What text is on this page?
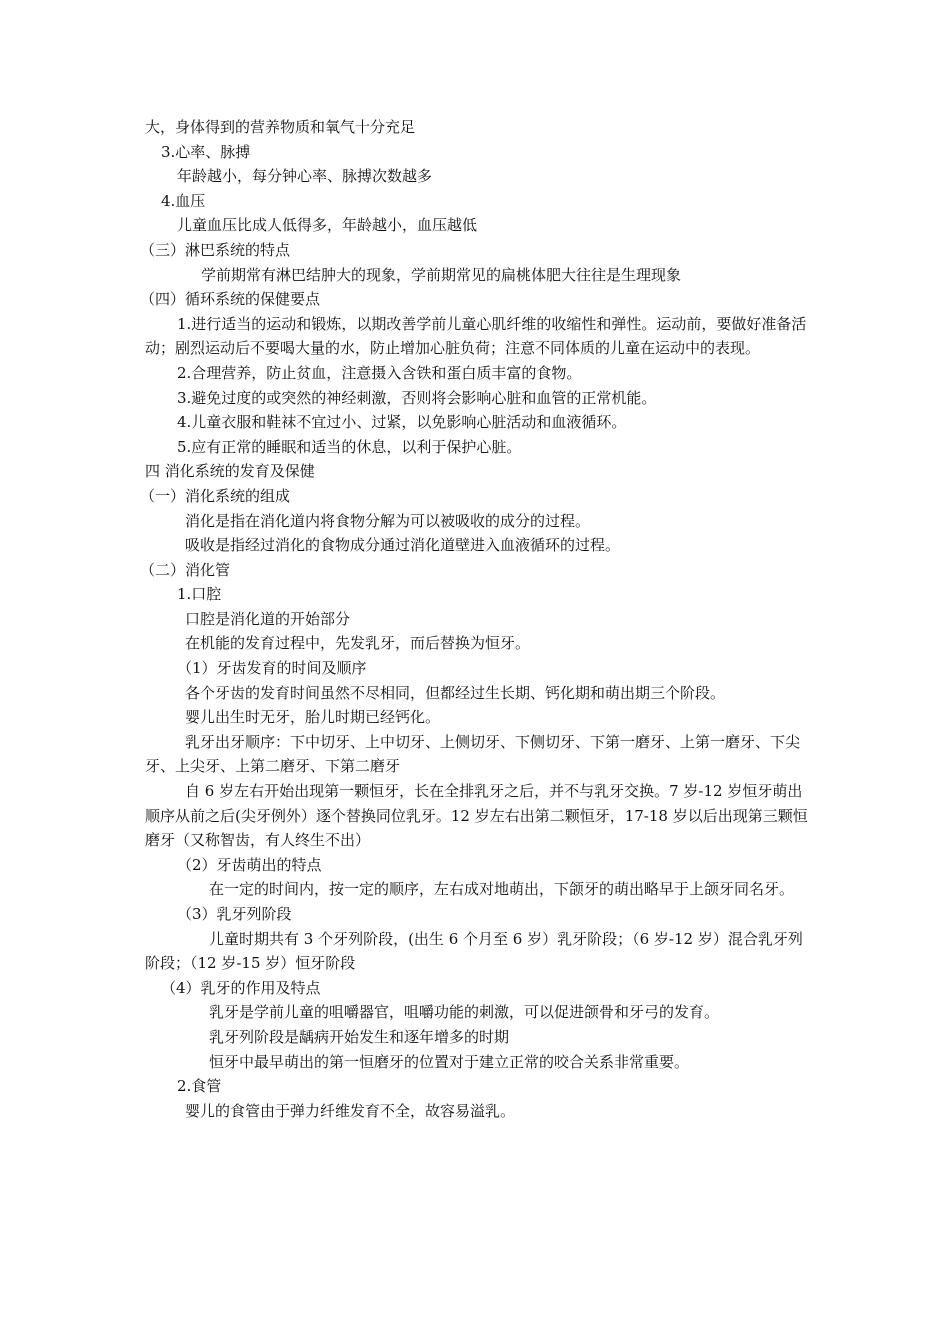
大，身体得到的营养物质和氧气十分充足

3.心率、脉搏

年龄越小，每分钟心率、脉搏次数越多

4.血压

儿童血压比成人低得多，年龄越小，血压越低

（三）淋巴系统的特点

学前期常有淋巴结肿大的现象，学前期常见的扁桃体肥大往往是生理现象

（四）循环系统的保健要点

1.进行适当的运动和锻炼，以期改善学前儿童心肌纤维的收缩性和弹性。运动前，要做好准备活动；剧烈运动后不要喝大量的水，防止增加心脏负荷；注意不同体质的儿童在运动中的表现。

2.合理营养，防止贫血，注意摄入含铁和蛋白质丰富的食物。

3.避免过度的或突然的神经刺激，否则将会影响心脏和血管的正常机能。

4.儿童衣服和鞋袜不宜过小、过紧，以免影响心脏活动和血液循环。

5.应有正常的睡眠和适当的休息，以利于保护心脏。

四 消化系统的发育及保健

（一）消化系统的组成

消化是指在消化道内将食物分解为可以被吸收的成分的过程。

吸收是指经过消化的食物成分通过消化道壁进入血液循环的过程。

（二）消化管

1.口腔

口腔是消化道的开始部分

在机能的发育过程中，先发乳牙，而后替换为恒牙。

（1）牙齿发育的时间及顺序

各个牙齿的发育时间虽然不尽相同，但都经过生长期、钙化期和萌出期三个阶段。

婴儿出生时无牙，胎儿时期已经钙化。

乳牙出牙顺序：下中切牙、上中切牙、上侧切牙、下侧切牙、下第一磨牙、上第一磨牙、下尖牙、上尖牙、上第二磨牙、下第二磨牙

自 6 岁左右开始出现第一颗恒牙，长在全排乳牙之后，并不与乳牙交换。7 岁-12 岁恒牙萌出顺序从前之后(尖牙例外）逐个替换同位乳牙。12 岁左右出第二颗恒牙，17-18 岁以后出现第三颗恒磨牙（又称智齿，有人终生不出）

（2）牙齿萌出的特点

在一定的时间内，按一定的顺序，左右成对地萌出，下颌牙的萌出略早于上颌牙同名牙。

（3）乳牙列阶段

儿童时期共有 3 个牙列阶段，(出生 6 个月至 6 岁）乳牙阶段；（6 岁-12 岁）混合乳牙列阶段；（12 岁-15 岁）恒牙阶段

（4）乳牙的作用及特点

乳牙是学前儿童的咀嚼器官，咀嚼功能的刺激，可以促进颌骨和牙弓的发育。

乳牙列阶段是龋病开始发生和逐年增多的时期

恒牙中最早萌出的第一恒磨牙的位置对于建立正常的咬合关系非常重要。

2.食管

婴儿的食管由于弹力纤维发育不全，故容易溢乳。
